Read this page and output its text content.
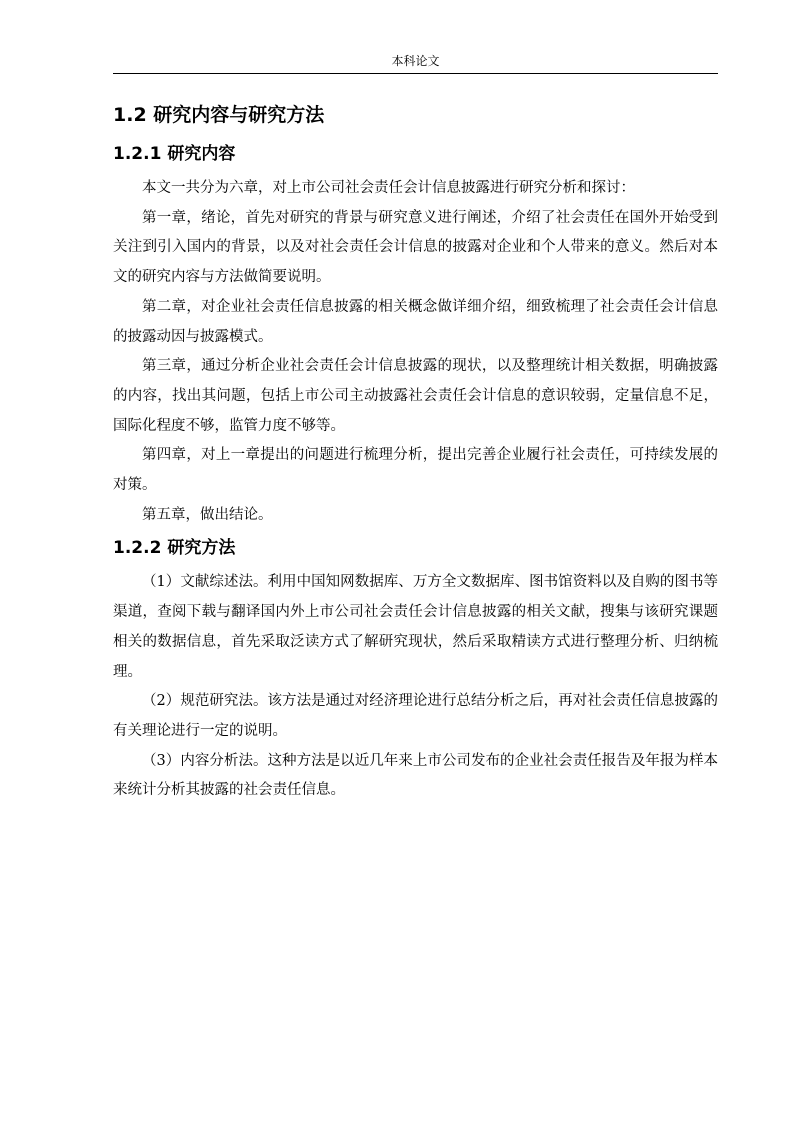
本科论文
1.2 研究内容与研究方法
1.2.1 研究内容

本文一共分为六章，对上市公司社会责任会计信息披露进行研究分析和探讨：

第一章，绪论，首先对研究的背景与研究意义进行阐述，介绍了社会责任在国外开始受到关注到引入国内的背景，以及对社会责任会计信息的披露对企业和个人带来的意义。然后对本文的研究内容与方法做简要说明。

第二章，对企业社会责任信息披露的相关概念做详细介绍，细致梳理了社会责任会计信息的披露动因与披露模式。

第三章，通过分析企业社会责任会计信息披露的现状，以及整理统计相关数据，明确披露的内容，找出其问题，包括上市公司主动披露社会责任会计信息的意识较弱，定量信息不足，国际化程度不够，监管力度不够等。

第四章，对上一章提出的问题进行梳理分析，提出完善企业履行社会责任，可持续发展的对策。

第五章，做出结论。

1.2.2 研究方法

（1）文献综述法。利用中国知网数据库、万方全文数据库、图书馆资料以及自购的图书等渠道，查阅下载与翻译国内外上市公司社会责任会计信息披露的相关文献，搜集与该研究课题相关的数据信息，首先采取泛读方式了解研究现状，然后采取精读方式进行整理分析、归纳梳理。

（2）规范研究法。该方法是通过对经济理论进行总结分析之后，再对社会责任信息披露的有关理论进行一定的说明。

（3）内容分析法。这种方法是以近几年来上市公司发布的企业社会责任报告及年报为样本来统计分析其披露的社会责任信息。
